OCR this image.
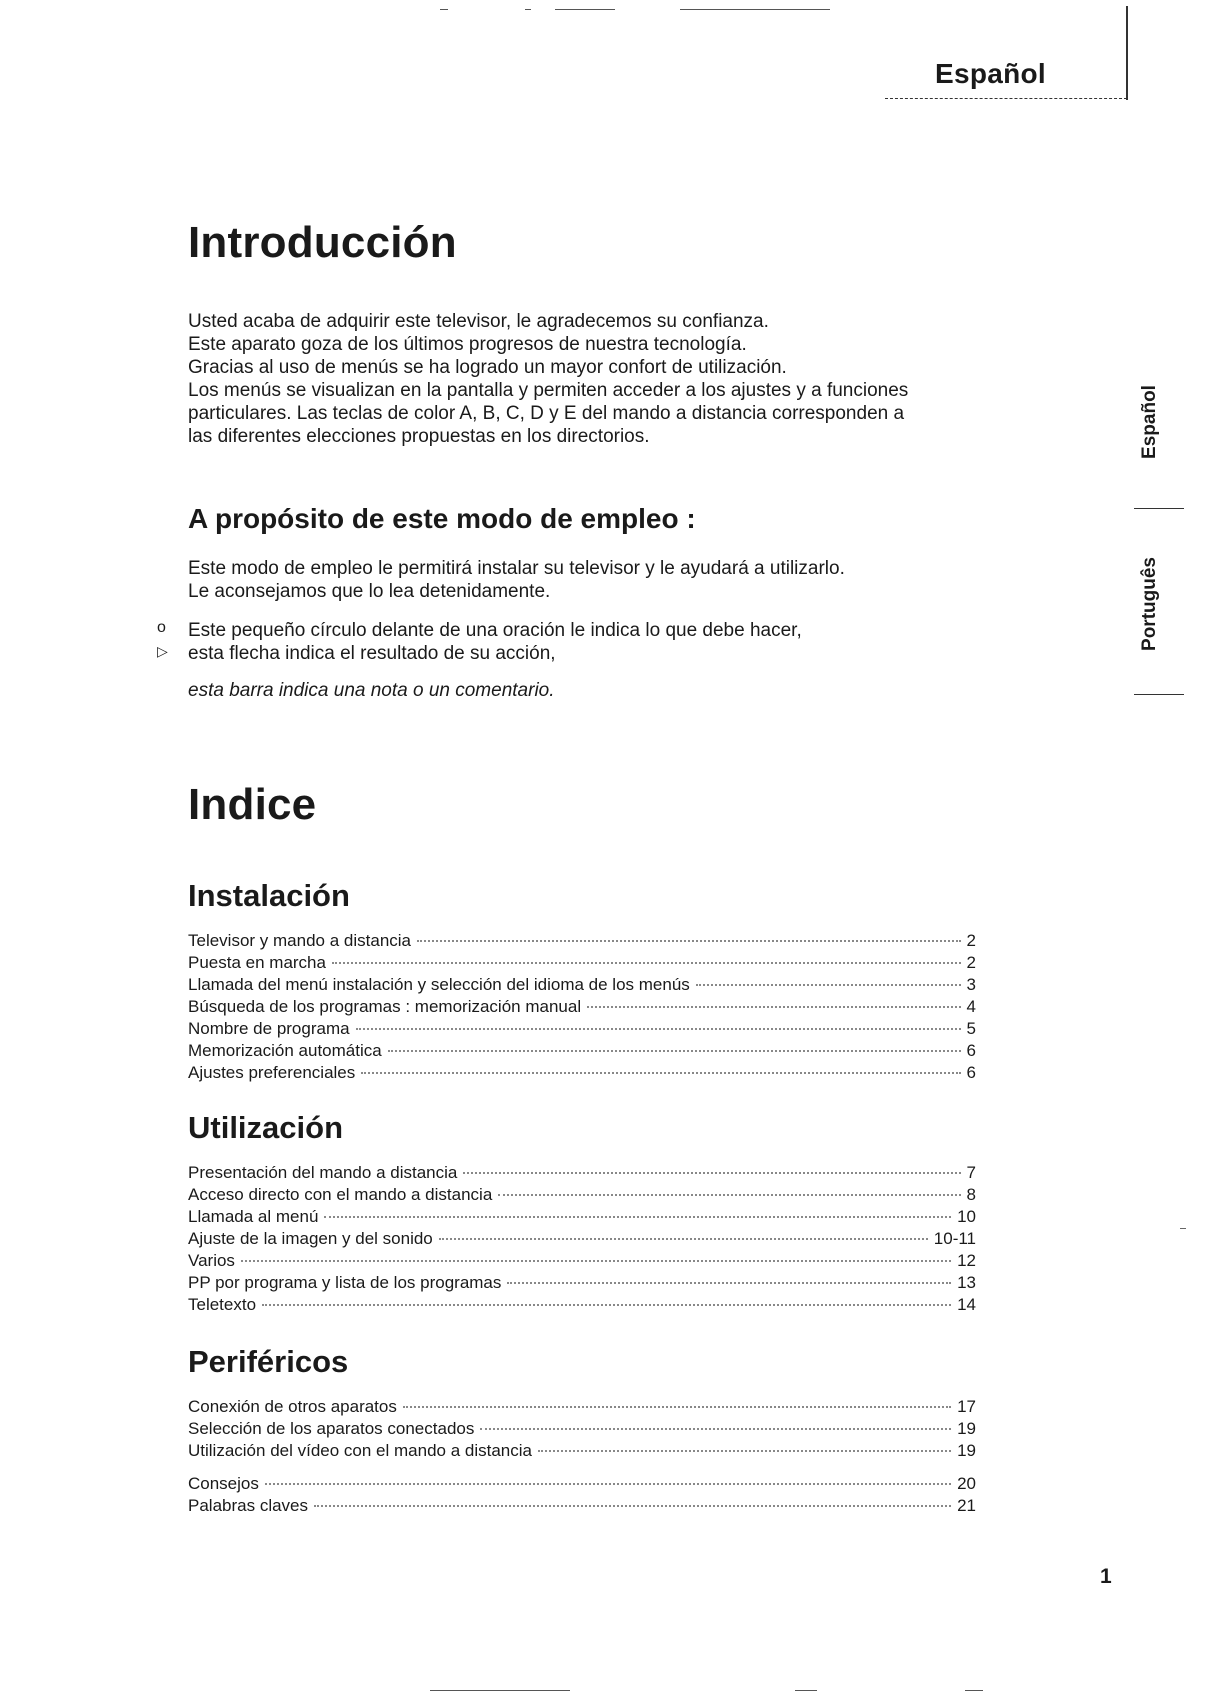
Español
Español
Português
Introducción
Usted acaba de adquirir este televisor, le agradecemos su confianza.
Este aparato goza de los últimos progresos de nuestra tecnología.
Gracias al uso de menús se ha logrado un mayor confort de utilización.
Los menús se visualizan en la pantalla y permiten acceder a los ajustes y a funciones
particulares. Las teclas de color A, B, C, D y E del mando a distancia corresponden a
las diferentes elecciones propuestas en los directorios.
A propósito de este modo de empleo :
Este modo de empleo le permitirá instalar su televisor y le ayudará a utilizarlo.
Le aconsejamos que lo lea detenidamente.
o Este pequeño círculo delante de una oración le indica lo que debe hacer,
▷ esta flecha indica el resultado de su acción,
esta barra indica una nota o un comentario.
Indice
Instalación
Televisor y mando a distancia	2
Puesta en marcha	2
Llamada del menú instalación y selección del idioma de los menús	3
Búsqueda de los programas : memorización manual	4
Nombre de programa	5
Memorización automática	6
Ajustes preferenciales	6
Utilización
Presentación del mando a distancia	7
Acceso directo con el mando a distancia	8
Llamada al menú	10
Ajuste de la imagen y del sonido	10-11
Varios	12
PP por programa y lista de los programas	13
Teletexto	14
Periféricos
Conexión de otros aparatos	17
Selección de los aparatos conectados	19
Utilización del vídeo con el mando a distancia	19
Consejos	20
Palabras claves	21
1
